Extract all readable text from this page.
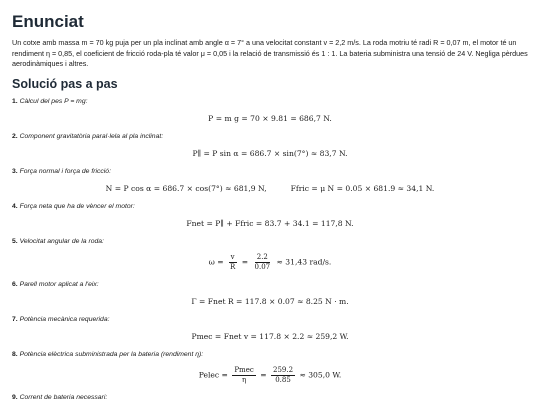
Enunciat

Un cotxe amb massa m = 70 kg puja per un pla inclinat amb angle α = 7° a una velocitat constant v = 2,2 m/s. La roda motriu té radi R = 0,07 m, el motor té un rendiment η = 0,85, el coeficient de fricció roda-pla té valor μ = 0,05 i la relació de transmissió és 1 : 1. La bateria subministra una tensió de 24 V. Negliga pèrdues aerodinàmiques i altres.

Solució pas a pas

1. Càlcul del pes P = mg:

P = m g = 70 × 9.81 = 686,7 N.

2. Component gravitatòria paral·lela al pla inclinat:

P∥ = P sin α = 686.7 × sin(7°) ≈ 83,7 N.

3. Força normal i força de fricció:

N = P cos α = 686.7 × cos(7°) ≈ 681,9 N,	Ffric = μ N = 0.05 × 681.9 ≈ 34,1 N.

4. Força neta que ha de vèncer el motor:

Fnet = P∥ + Ffric = 83.7 + 34.1 = 117,8 N.

5. Velocitat angular de la roda:

$\omega = \frac{v}{R} = \frac{2.2}{0.07} \approx 31,43$ rad/s.

6. Parell motor aplicat a l'eix:

Γ = Fnet R = 117.8 × 0.07 ≈ 8.25 N · m.

7. Potència mecànica requerida:

Pmec = Fnet v = 117.8 × 2.2 ≈ 259,2 W.

8. Potència elèctrica subministrada per la bateria (rendiment η):

Pelec = $\frac{\text{Pmec}}{\eta} = \frac{259.2}{0.85} \approx 305,0$ W.

9. Corrent de bateria necessari:
